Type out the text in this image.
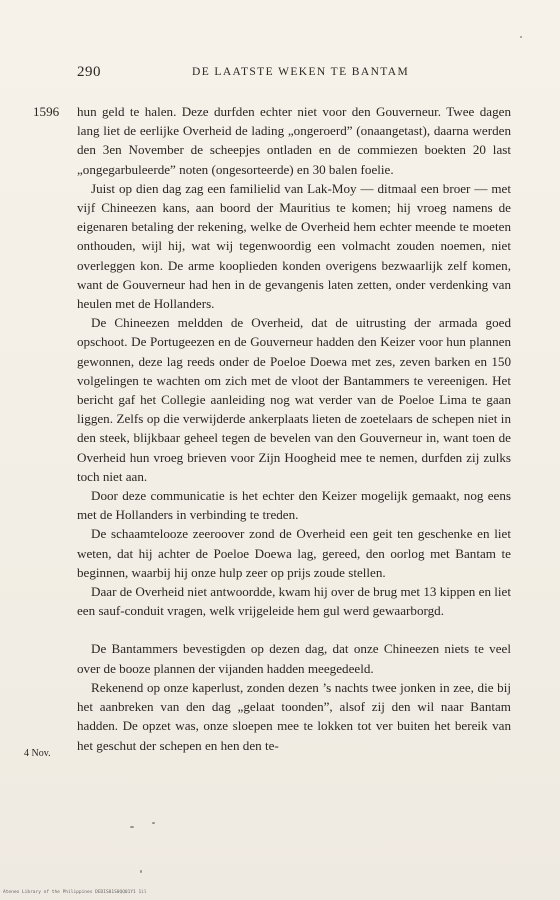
290	DE LAATSTE WEKEN TE BANTAM
1596
4 Nov.

hun geld te halen. Deze durfden echter niet voor den Gouverneur. Twee dagen lang liet de eerlijke Overheid de lading „ongeroerd” (onaangetast), daarna werden den 3en November de scheepjes ontladen en de commiezen boekten 20 last „ongegarbuleerde” noten (ongesorteerde) en 30 balen foelie.

Juist op dien dag zag een familielid van Lak-Moy — ditmaal een broer — met vijf Chineezen kans, aan boord der Mauritius te komen; hij vroeg namens de eigenaren betaling der rekening, welke de Overheid hem echter meende te moeten onthouden, wijl hij, wat wij tegenwoordig een volmacht zouden noemen, niet overleggen kon. De arme kooplieden konden overigens bezwaarlijk zelf komen, want de Gouverneur had hen in de gevangenis laten zetten, onder verdenking van heulen met de Hollanders.

De Chineezen meldden de Overheid, dat de uitrusting der armada goed opschoot. De Portugeezen en de Gouverneur hadden den Keizer voor hun plannen gewonnen, deze lag reeds onder de Poeloe Doewa met zes, zeven barken en 150 volgelingen te wachten om zich met de vloot der Bantammers te vereenigen. Het bericht gaf het Collegie aanleiding nog wat verder van de Poeloe Lima te gaan liggen. Zelfs op die verwijderde ankerplaats lieten de zoetelaars de schepen niet in den steek, blijkbaar geheel tegen de bevelen van den Gouverneur in, want toen de Overheid hun vroeg brieven voor Zijn Hoogheid mee te nemen, durfden zij zulks toch niet aan.

Door deze communicatie is het echter den Keizer mogelijk gemaakt, nog eens met de Hollanders in verbinding te treden.

De schaamtelooze zeeroover zond de Overheid een geit ten geschenke en liet weten, dat hij achter de Poeloe Doewa lag, gereed, den oorlog met Bantam te beginnen, waarbij hij onze hulp zeer op prijs zoude stellen.

Daar de Overheid niet antwoordde, kwam hij over de brug met 13 kippen en liet een sauf-conduit vragen, welk vrijgeleide hem gul werd gewaarborgd.

De Bantammers bevestigden op dezen dag, dat onze Chineezen niets te veel over de booze plannen der vijanden hadden meegedeeld.

Rekenend op onze kaperlust, zonden dezen ’s nachts twee jonken in zee, die bij het aanbreken van den dag „gelaat toonden”, alsof zij den wil naar Bantam hadden. De opzet was, onze sloepen mee te lokken tot ver buiten het bereik van het geschut der schepen en hen den te-

Ateneo Library of the Philippines DEDIS01S0QQ01Y1 1il
